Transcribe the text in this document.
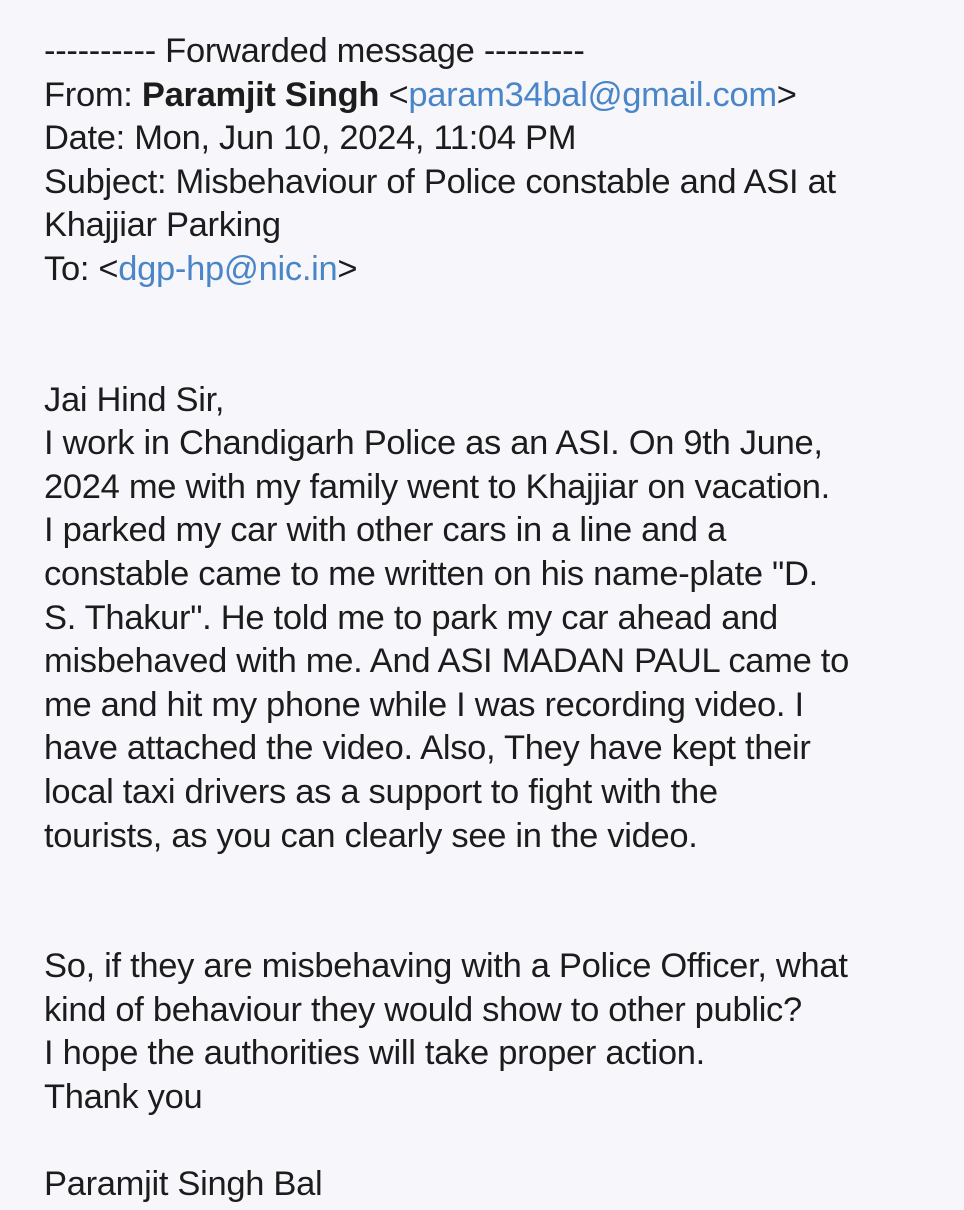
---------- Forwarded message ---------
From: Paramjit Singh <param34bal@gmail.com>
Date: Mon, Jun 10, 2024, 11:04 PM
Subject: Misbehaviour of Police constable and ASI at
Khajjiar Parking
To: <dgp-hp@nic.in>
Jai Hind Sir,
I work in Chandigarh Police as an ASI. On 9th June,
2024 me with my family went to Khajjiar on vacation.
I parked my car with other cars in a line and a
constable came to me written on his name-plate "D.
S. Thakur". He told me to park my car ahead and
misbehaved with me. And ASI MADAN PAUL came to
me and hit my phone while I was recording video. I
have attached the video. Also, They have kept their
local taxi drivers as a support to fight with the
tourists, as you can clearly see in the video.
So, if they are misbehaving with a Police Officer, what
kind of behaviour they would show to other public?
I hope the authorities will take proper action.
Thank you
Paramjit Singh Bal
